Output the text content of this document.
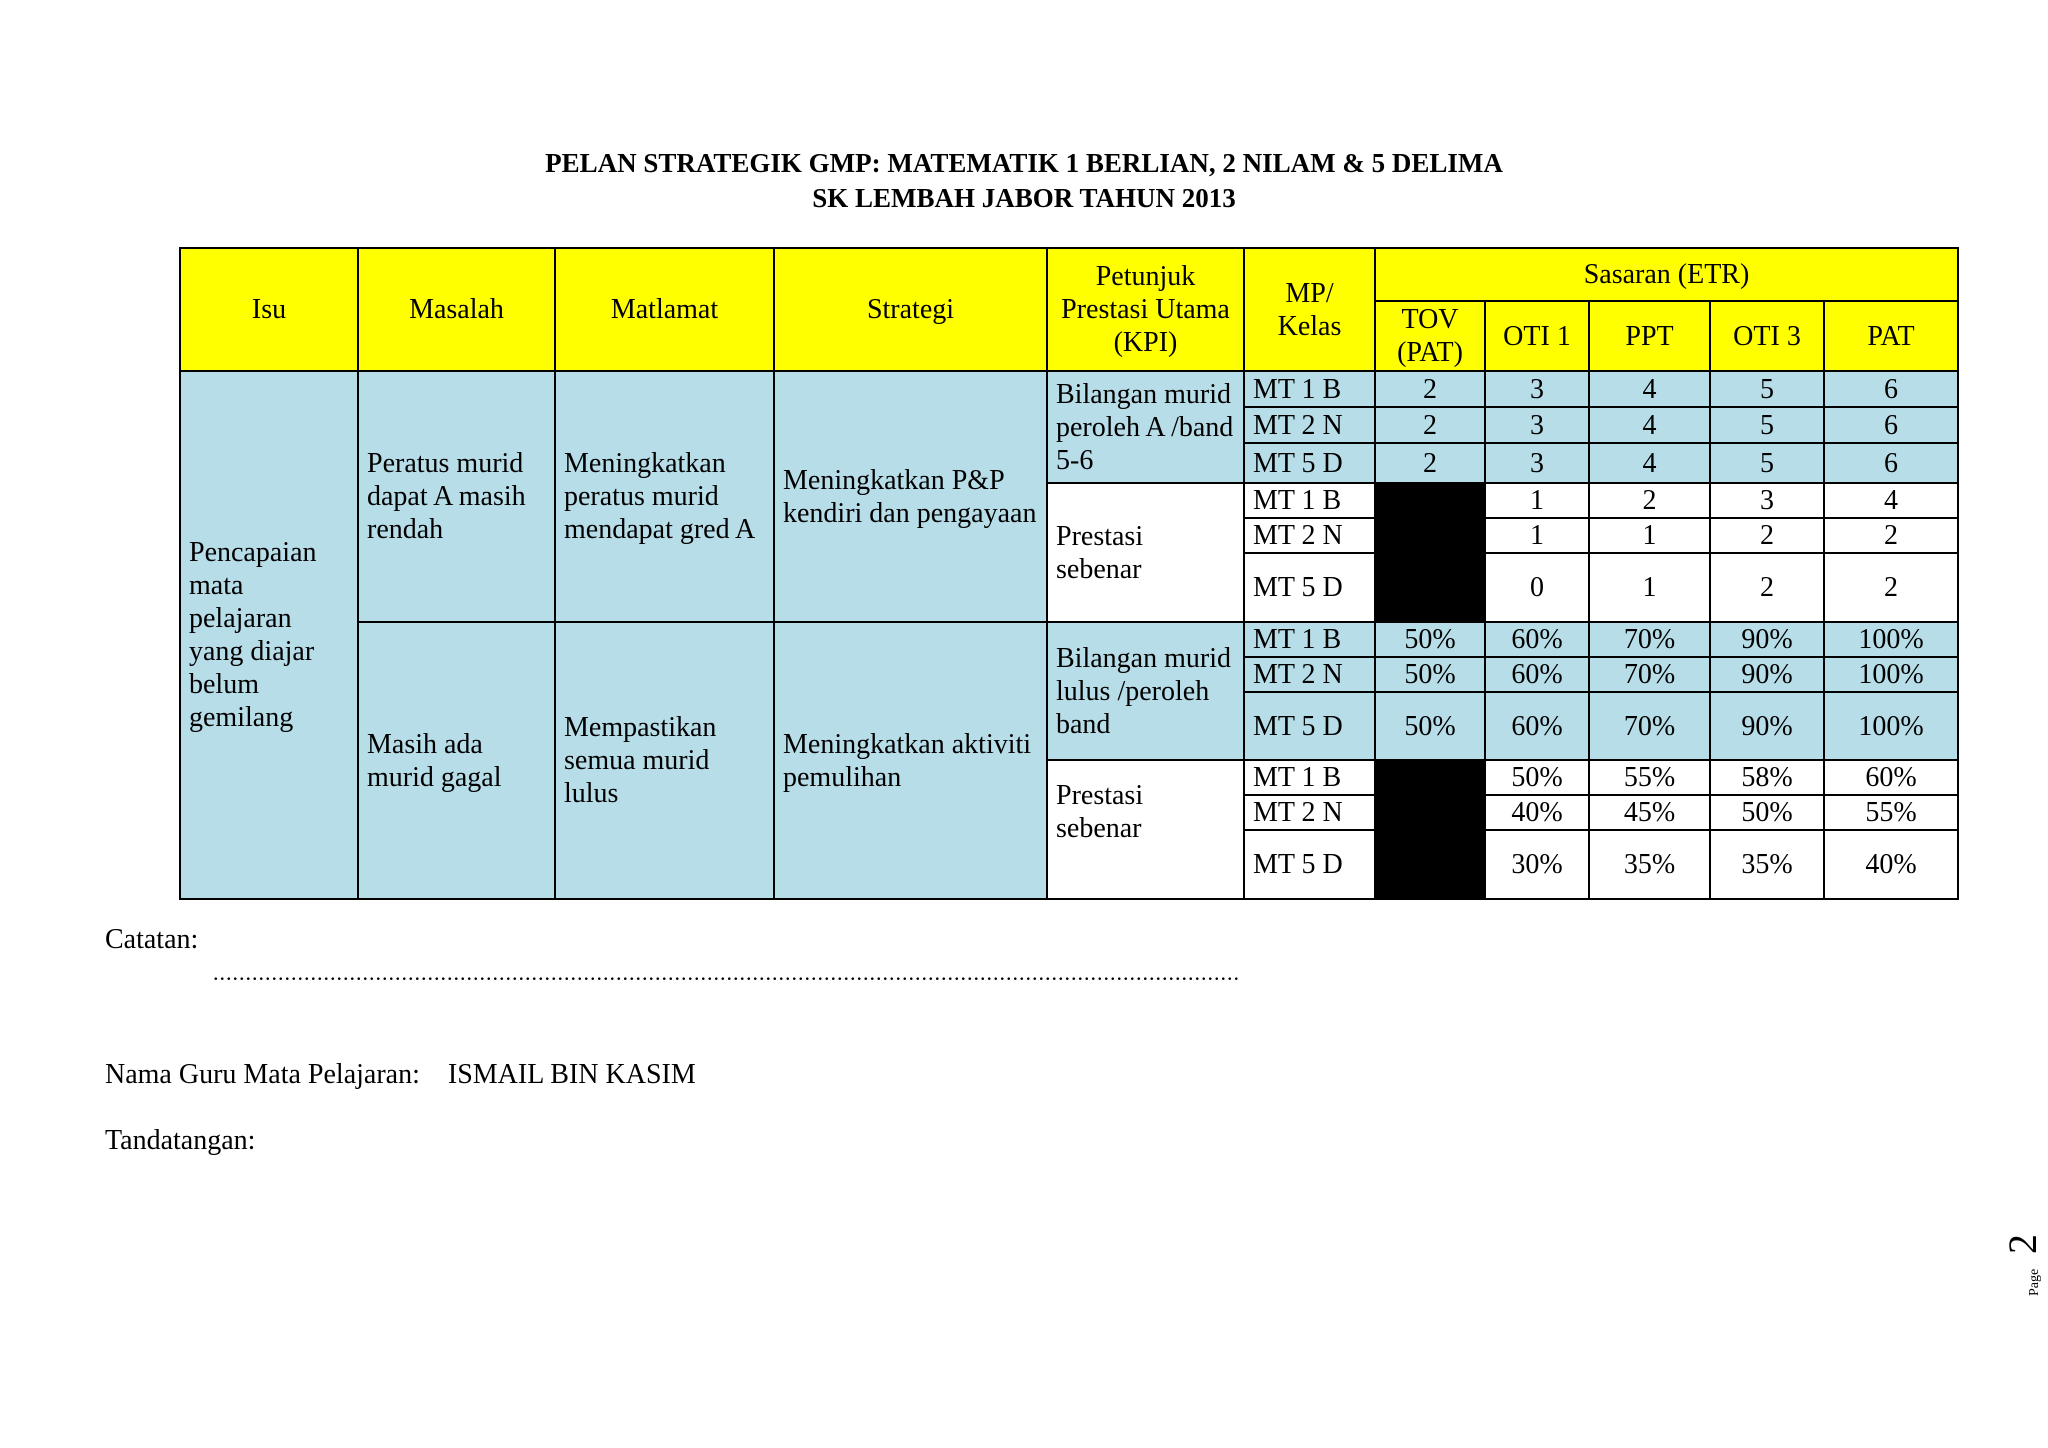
PELAN STRATEGIK GMP: MATEMATIK 1 BERLIAN, 2 NILAM & 5 DELIMA
SK LEMBAH JABOR TAHUN 2013
Isu	Masalah	Matlamat	Strategi	Petunjuk Prestasi Utama (KPI)	MP/ Kelas	Sasaran (ETR)				
						TOV (PAT)	OTI 1	PPT	OTI 3	PAT
Pencapaian mata pelajaran yang diajar belum gemilang	Peratus murid dapat A masih rendah	Meningkatkan peratus murid mendapat gred A	Meningkatkan P&P kendiri dan pengayaan	Bilangan murid peroleh A /band 5-6	MT 1 B	2	3	4	5	6
					MT 2 N	2	3	4	5	6
					MT 5 D	2	3	4	5	6
				Prestasi sebenar	MT 1 B		1	2	3	4
					MT 2 N		1	1	2	2
					MT 5 D		0	1	2	2
	Masih ada murid gagal	Mempastikan semua murid lulus	Meningkatkan aktiviti pemulihan	Bilangan murid lulus /peroleh band	MT 1 B	50%	60%	70%	90%	100%
					MT 2 N	50%	60%	70%	90%	100%
					MT 5 D	50%	60%	70%	90%	100%
				Prestasi sebenar	MT 1 B		50%	55%	58%	60%
					MT 2 N		40%	45%	50%	55%
					MT 5 D		30%	35%	35%	40%
Catatan:
..............................................................................................................................................................
Nama Guru Mata Pelajaran: ISMAIL BIN KASIM
Tandatangan:
Page
2
